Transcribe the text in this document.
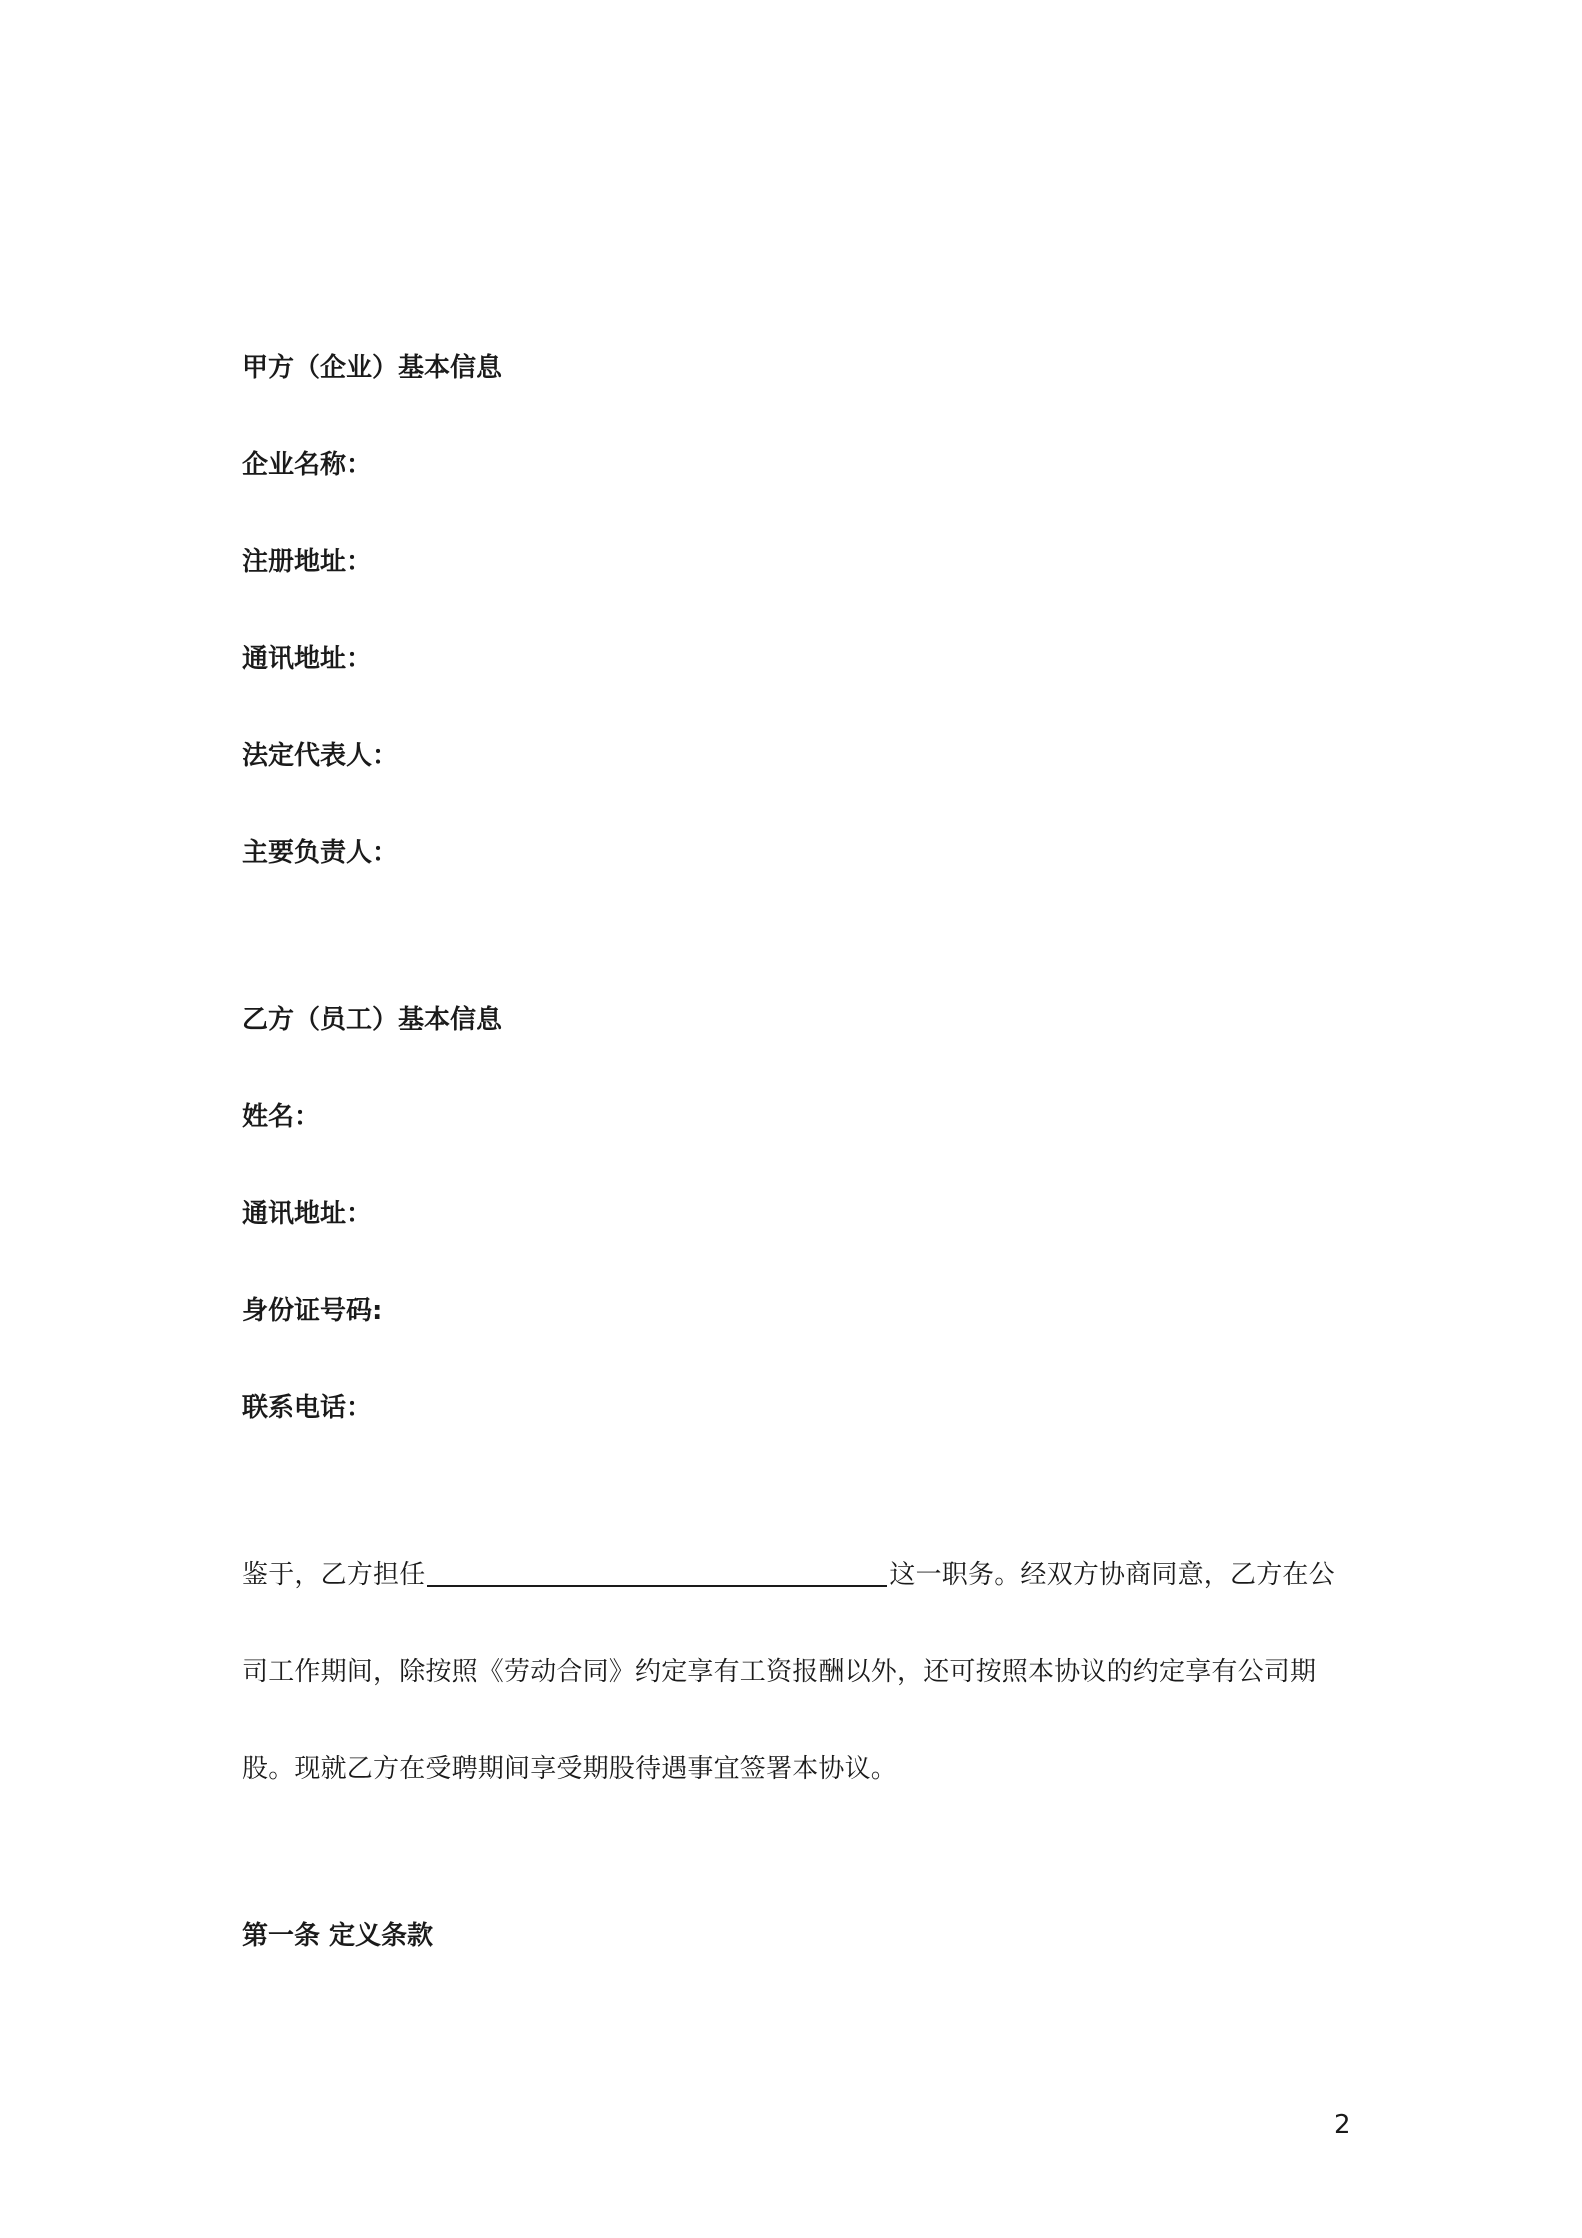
甲方（企业）基本信息
企业名称：
注册地址：
通讯地址：
法定代表人：
主要负责人：
乙方（员工）基本信息
姓名：
通讯地址：
身份证号码:
联系电话：
鉴于，乙方担任	这一职务。经双方协商同意，乙方在公
司工作期间，除按照《劳动合同》约定享有工资报酬以外，还可按照本协议的约定享有公司期
股。现就乙方在受聘期间享受期股待遇事宜签署本协议。
第一条 定义条款
2
